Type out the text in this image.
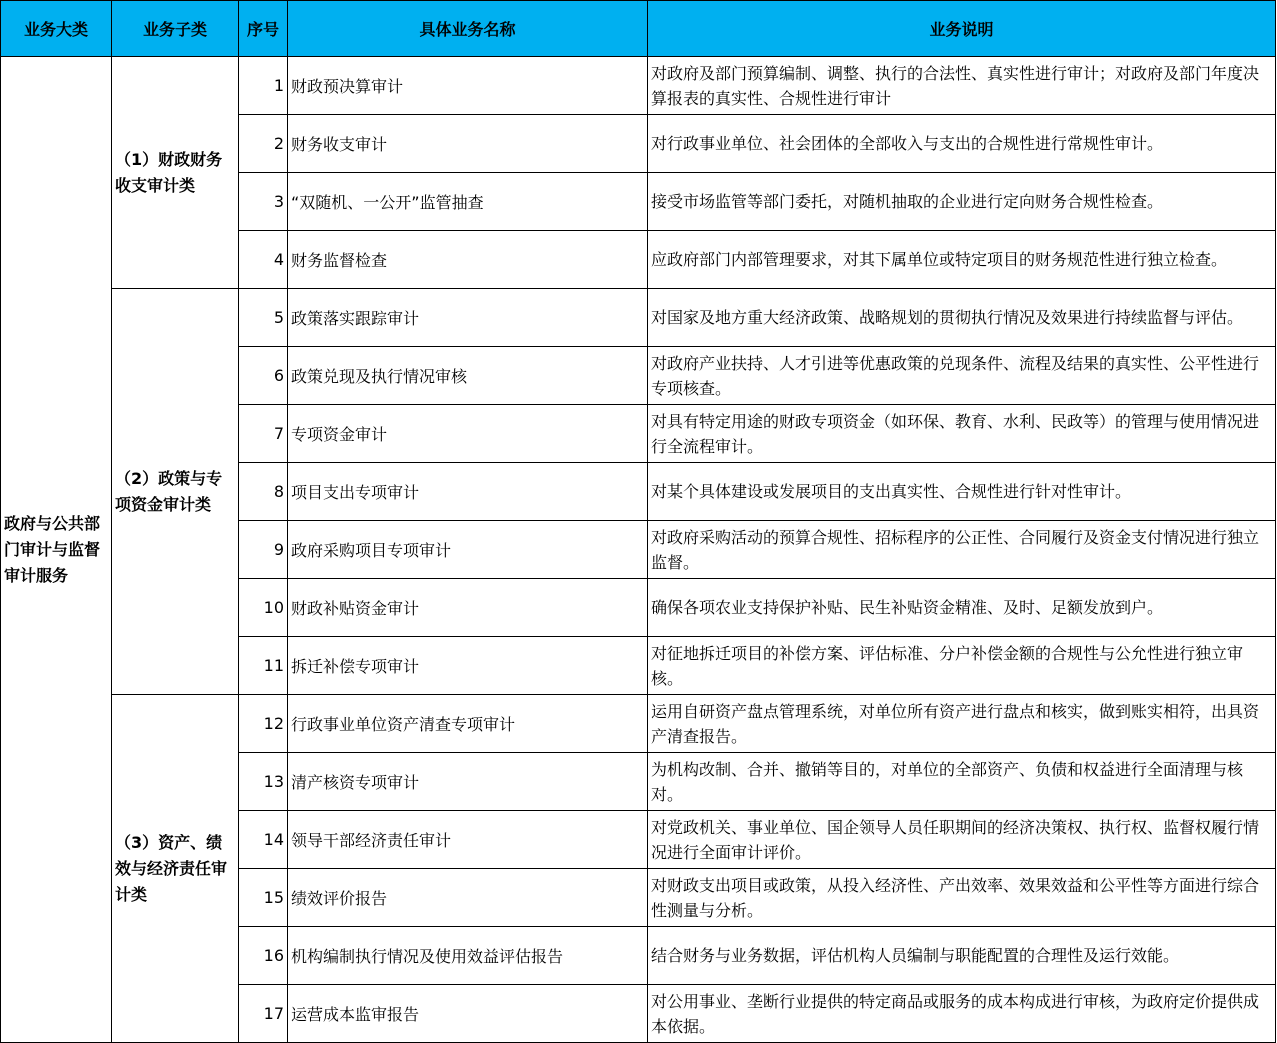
业务大类	业务子类	序号	具体业务名称	业务说明
政府与公共部门审计与监督审计服务	（1）财政财务收支审计类	1	财政预决算审计	对政府及部门预算编制、调整、执行的合法性、真实性进行审计；对政府及部门年度决算报表的真实性、合规性进行审计
		2	财务收支审计	对行政事业单位、社会团体的全部收入与支出的合规性进行常规性审计。
		3	“双随机、一公开”监管抽查	接受市场监管等部门委托，对随机抽取的企业进行定向财务合规性检查。
		4	财务监督检查	应政府部门内部管理要求，对其下属单位或特定项目的财务规范性进行独立检查。
	（2）政策与专项资金审计类	5	政策落实跟踪审计	对国家及地方重大经济政策、战略规划的贯彻执行情况及效果进行持续监督与评估。
		6	政策兑现及执行情况审核	对政府产业扶持、人才引进等优惠政策的兑现条件、流程及结果的真实性、公平性进行专项核查。
		7	专项资金审计	对具有特定用途的财政专项资金（如环保、教育、水利、民政等）的管理与使用情况进行全流程审计。
		8	项目支出专项审计	对某个具体建设或发展项目的支出真实性、合规性进行针对性审计。
		9	政府采购项目专项审计	对政府采购活动的预算合规性、招标程序的公正性、合同履行及资金支付情况进行独立监督。
		10	财政补贴资金审计	确保各项农业支持保护补贴、民生补贴资金精准、及时、足额发放到户。
		11	拆迁补偿专项审计	对征地拆迁项目的补偿方案、评估标准、分户补偿金额的合规性与公允性进行独立审核。
	（3）资产、绩效与经济责任审计类	12	行政事业单位资产清查专项审计	运用自研资产盘点管理系统，对单位所有资产进行盘点和核实，做到账实相符，出具资产清查报告。
		13	清产核资专项审计	为机构改制、合并、撤销等目的，对单位的全部资产、负债和权益进行全面清理与核对。
		14	领导干部经济责任审计	对党政机关、事业单位、国企领导人员任职期间的经济决策权、执行权、监督权履行情况进行全面审计评价。
		15	绩效评价报告	对财政支出项目或政策，从投入经济性、产出效率、效果效益和公平性等方面进行综合性测量与分析。
		16	机构编制执行情况及使用效益评估报告	结合财务与业务数据，评估机构人员编制与职能配置的合理性及运行效能。
		17	运营成本监审报告	对公用事业、垄断行业提供的特定商品或服务的成本构成进行审核，为政府定价提供成本依据。
